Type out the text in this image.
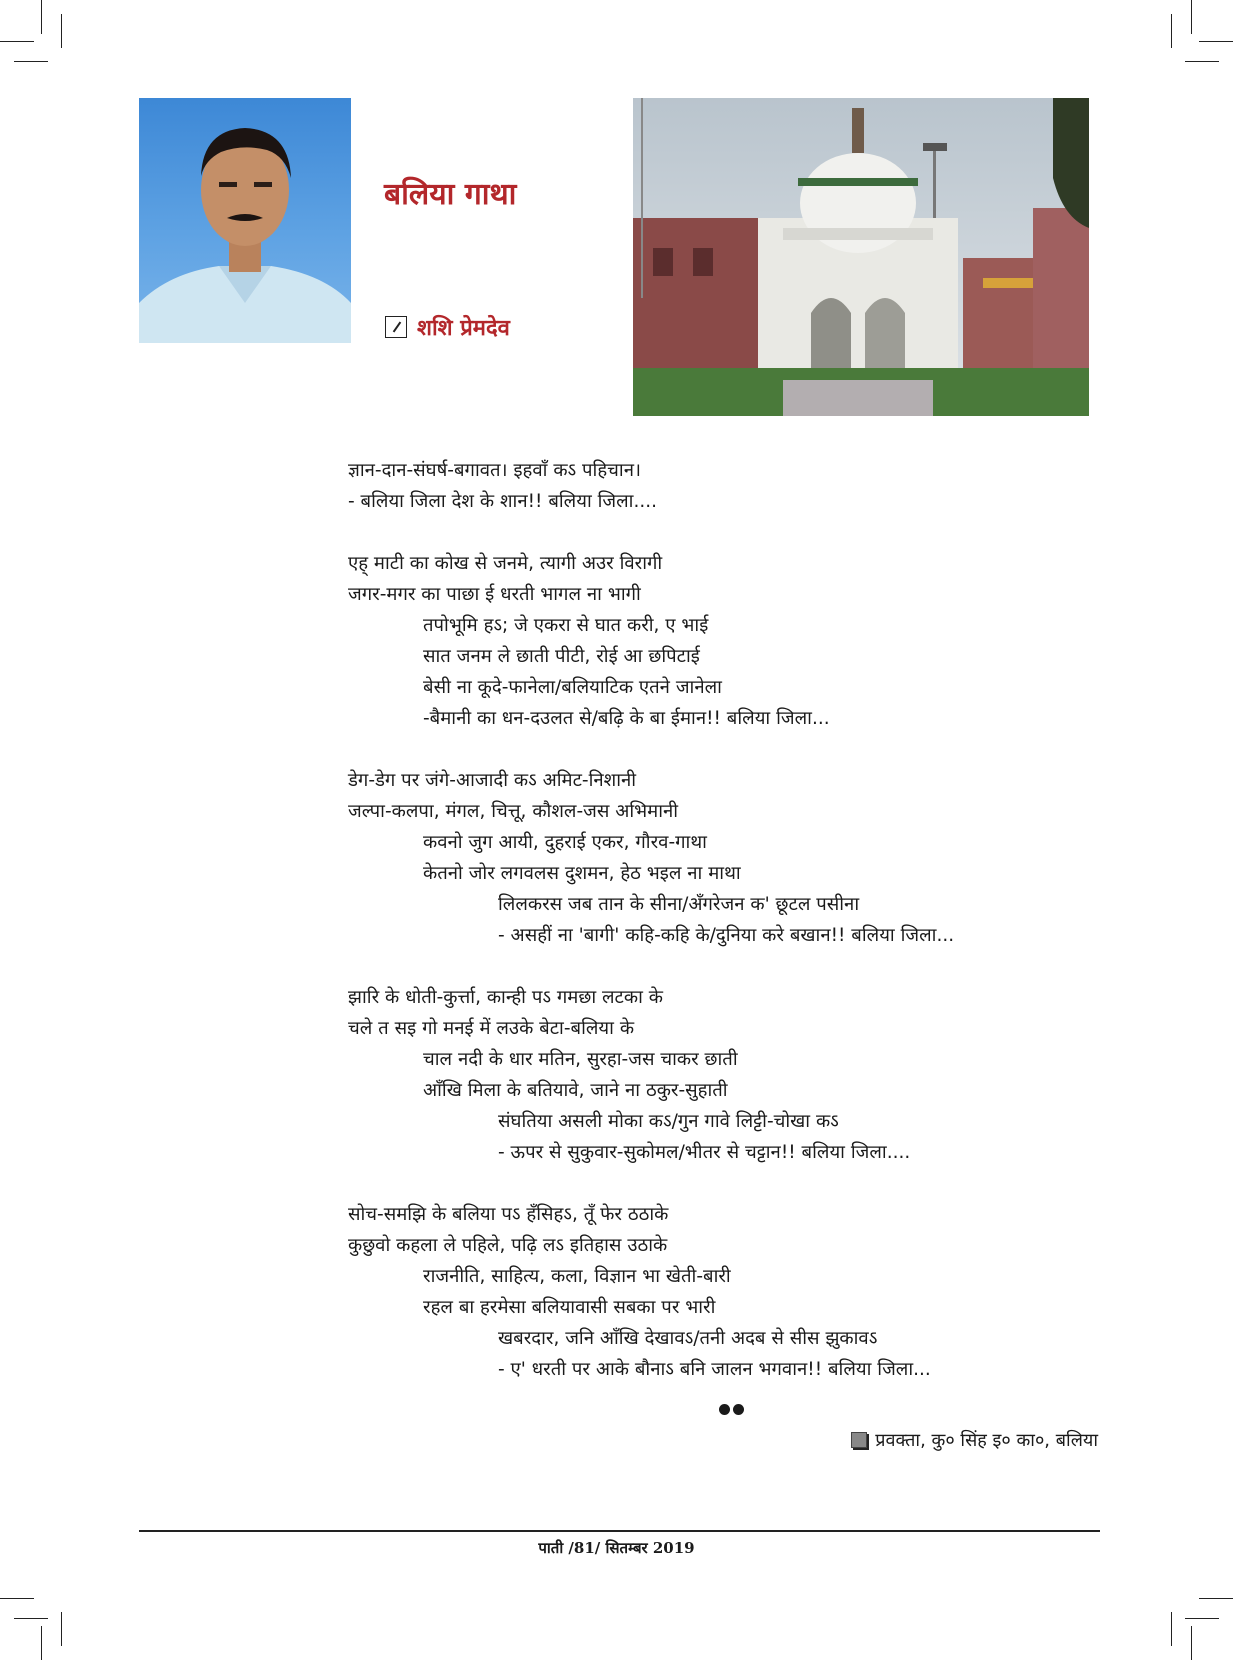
बलिया गाथा
शशि प्रेमदेव
ज्ञान-दान-संघर्ष-बगावत। इहवाँ कऽ पहिचान।
- बलिया जिला देश के शान!! बलिया जिला....
एह् माटी का कोख से जनमे, त्यागी अउर विरागी
जगर-मगर का पाछा ई धरती भागल ना भागी
तपोभूमि हऽ; जे एकरा से घात करी, ए भाई
सात जनम ले छाती पीटी, रोई आ छपिटाई
बेसी ना कूदे-फानेला/बलियाटिक एतने जानेला
-बैमानी का धन-दउलत से/बढ़ि के बा ईमान!! बलिया जिला...
डेग-डेग पर जंगे-आजादी कऽ अमिट-निशानी
जल्पा-कलपा, मंगल, चित्तू, कौशल-जस अभिमानी
कवनो जुग आयी, दुहराई एकर, गौरव-गाथा
केतनो जोर लगवलस दुशमन, हेठ भइल ना माथा
लिलकरस जब तान के सीना/अँगरेजन क' छूटल पसीना
- असहीं ना 'बागी' कहि-कहि के/दुनिया करे बखान!! बलिया जिला...
झारि के धोती-कुर्त्ता, कान्ही पऽ गमछा लटका के
चले त सइ गो मनई में लउके बेटा-बलिया के
चाल नदी के धार मतिन, सुरहा-जस चाकर छाती
आँखि मिला के बतियावे, जाने ना ठकुर-सुहाती
संघतिया असली मोका कऽ/गुन गावे लिट्टी-चोखा कऽ
- ऊपर से सुकुवार-सुकोमल/भीतर से चट्टान!! बलिया जिला....
सोच-समझि के बलिया पऽ हँसिहऽ, तूँ फेर ठठाके
कुछुवो कहला ले पहिले, पढ़ि लऽ इतिहास उठाके
राजनीति, साहित्य, कला, विज्ञान भा खेती-बारी
रहल बा हरमेसा बलियावासी सबका पर भारी
खबरदार, जनि आँखि देखावऽ/तनी अदब से सीस झुकावऽ
- ए' धरती पर आके बौनाऽ बनि जालन भगवान!! बलिया जिला...
प्रवक्ता, कु० सिंह इ० का०, बलिया
पाती /81/ सितम्बर 2019
